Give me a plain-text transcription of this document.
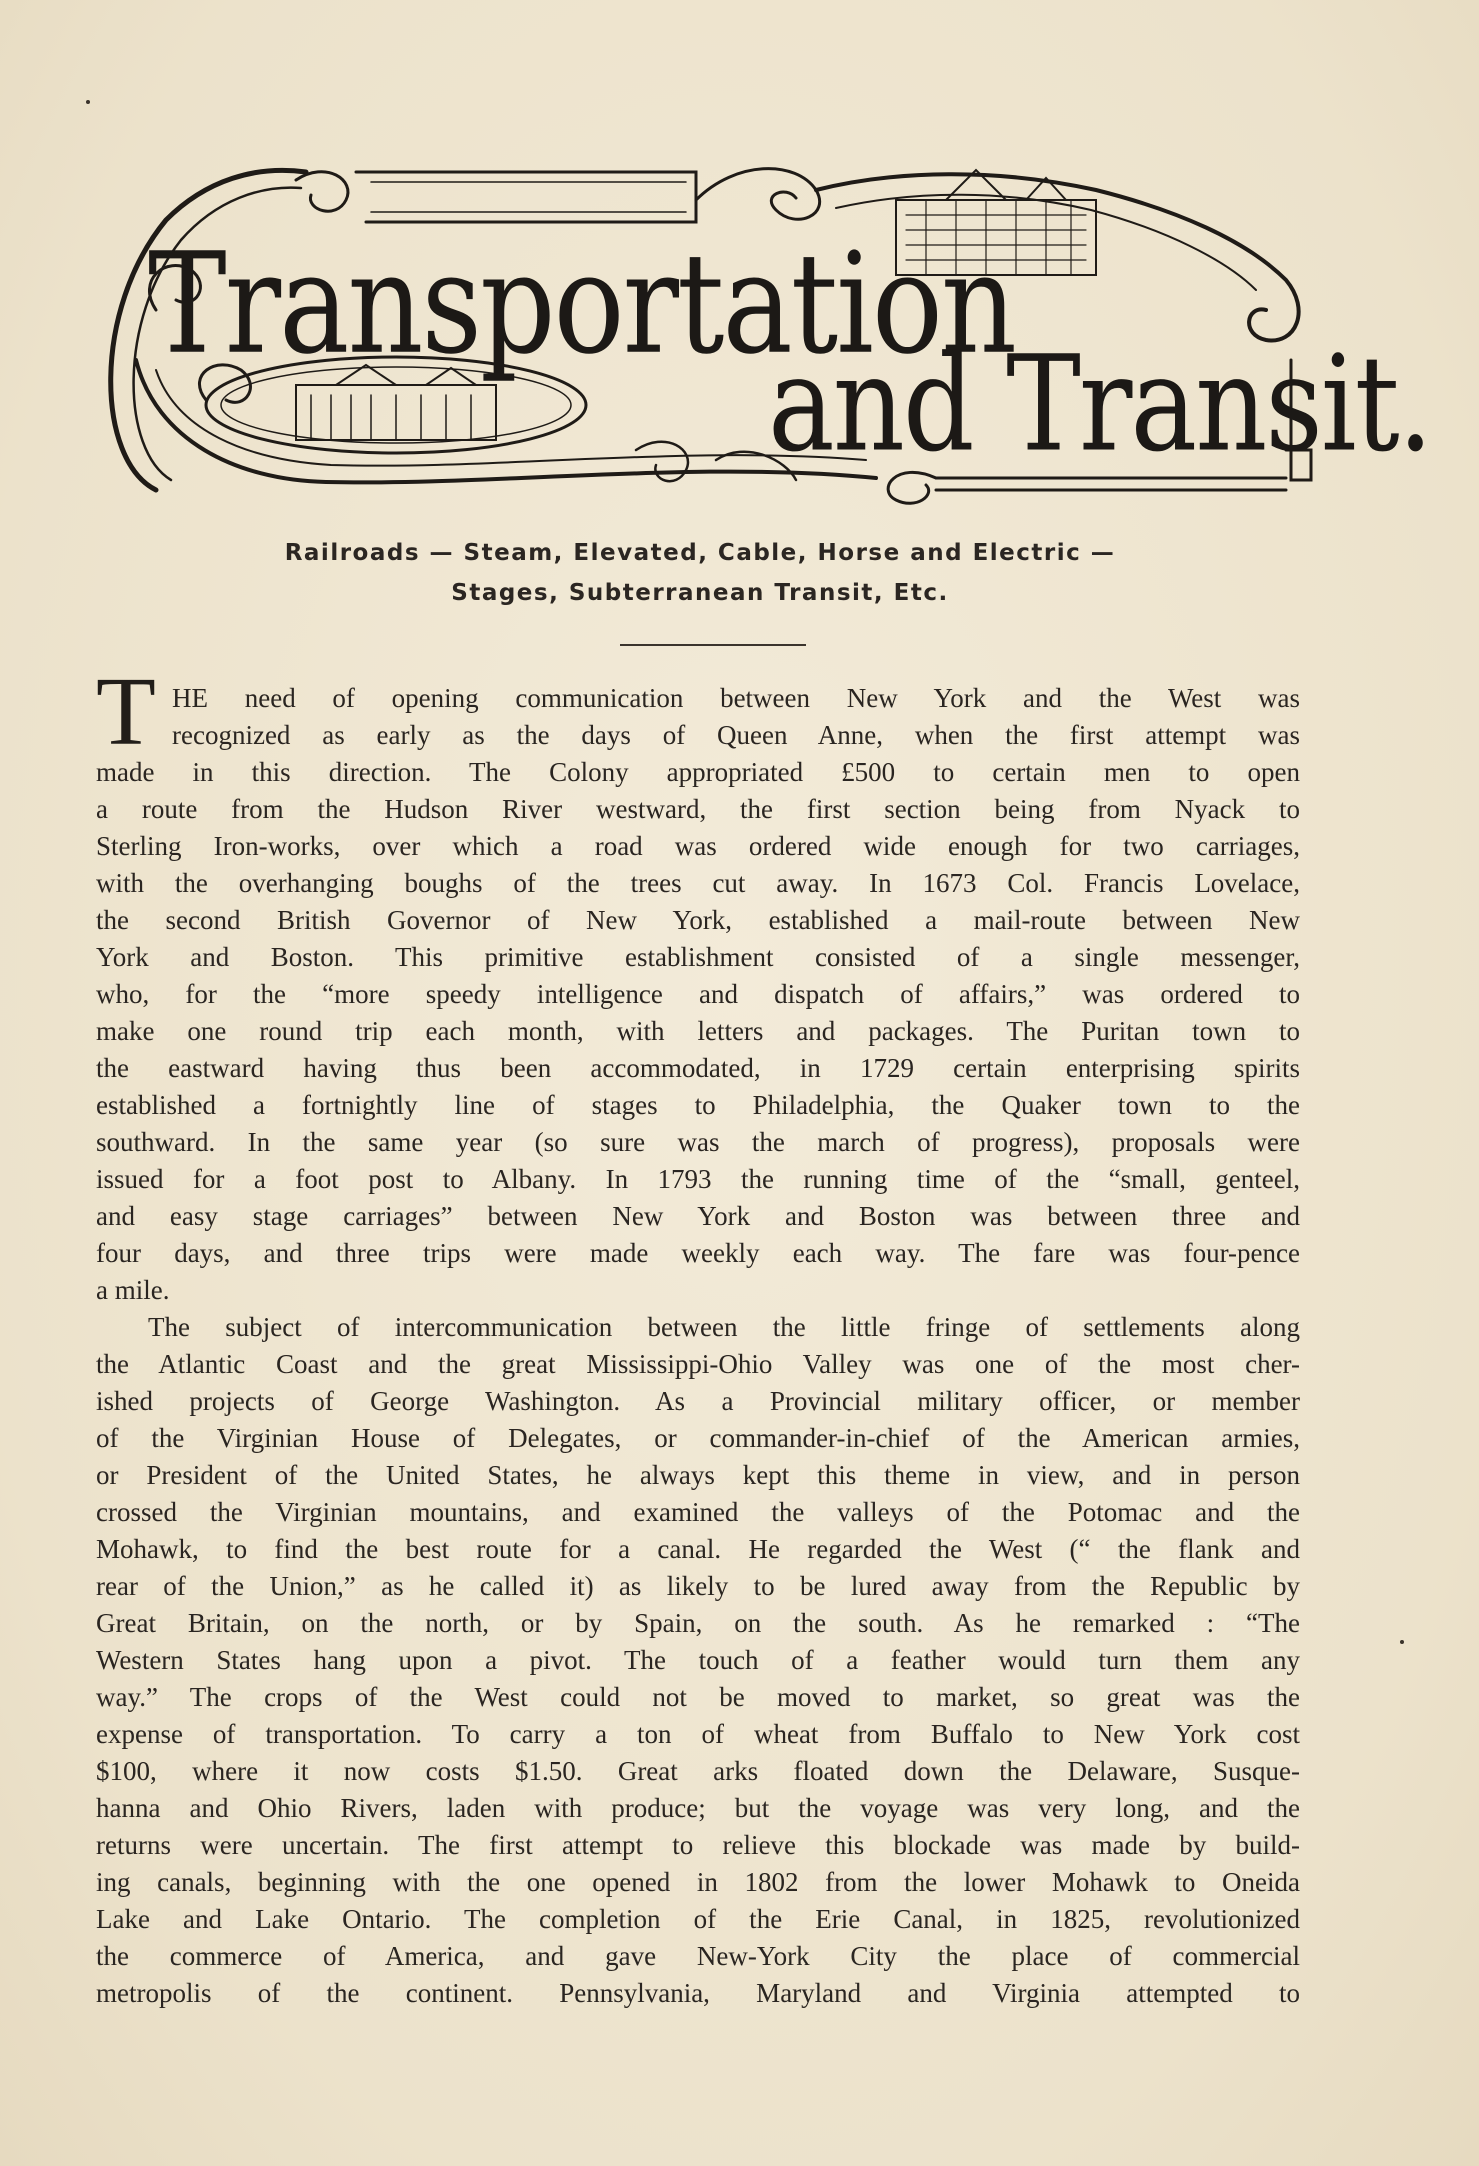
Transportation
and Transit.

Railroads — Steam, Elevated, Cable, Horse and Electric —

Stages, Subterranean Transit, Etc.

T HE need of opening communication between New York and the West was

recognized as early as the days of Queen Anne, when the first attempt was

made in this direction. The Colony appropriated £500 to certain men to open

a route from the Hudson River westward, the first section being from Nyack to

Sterling Iron-works, over which a road was ordered wide enough for two carriages,

with the overhanging boughs of the trees cut away. In 1673 Col. Francis Lovelace,

the second British Governor of New York, established a mail-route between New

York and Boston. This primitive establishment consisted of a single messenger,

who, for the “more speedy intelligence and dispatch of affairs,” was ordered to

make one round trip each month, with letters and packages. The Puritan town to

the eastward having thus been accommodated, in 1729 certain enterprising spirits

established a fortnightly line of stages to Philadelphia, the Quaker town to the

southward. In the same year (so sure was the march of progress), proposals were

issued for a foot post to Albany. In 1793 the running time of the “small, genteel,

and easy stage carriages” between New York and Boston was between three and

four days, and three trips were made weekly each way. The fare was four-pence

a mile.

The subject of intercommunication between the little fringe of settlements along

the Atlantic Coast and the great Mississippi-Ohio Valley was one of the most cher-

ished projects of George Washington. As a Provincial military officer, or member

of the Virginian House of Delegates, or commander-in-chief of the American armies,

or President of the United States, he always kept this theme in view, and in person

crossed the Virginian mountains, and examined the valleys of the Potomac and the

Mohawk, to find the best route for a canal. He regarded the West (“ the flank and

rear of the Union,” as he called it) as likely to be lured away from the Republic by

Great Britain, on the north, or by Spain, on the south. As he remarked : “The

Western States hang upon a pivot. The touch of a feather would turn them any

way.” The crops of the West could not be moved to market, so great was the

expense of transportation. To carry a ton of wheat from Buffalo to New York cost

$100, where it now costs $1.50. Great arks floated down the Delaware, Susque-

hanna and Ohio Rivers, laden with produce; but the voyage was very long, and the

returns were uncertain. The first attempt to relieve this blockade was made by build-

ing canals, beginning with the one opened in 1802 from the lower Mohawk to Oneida

Lake and Lake Ontario. The completion of the Erie Canal, in 1825, revolutionized

the commerce of America, and gave New-York City the place of commercial

metropolis of the continent. Pennsylvania, Maryland and Virginia attempted to
